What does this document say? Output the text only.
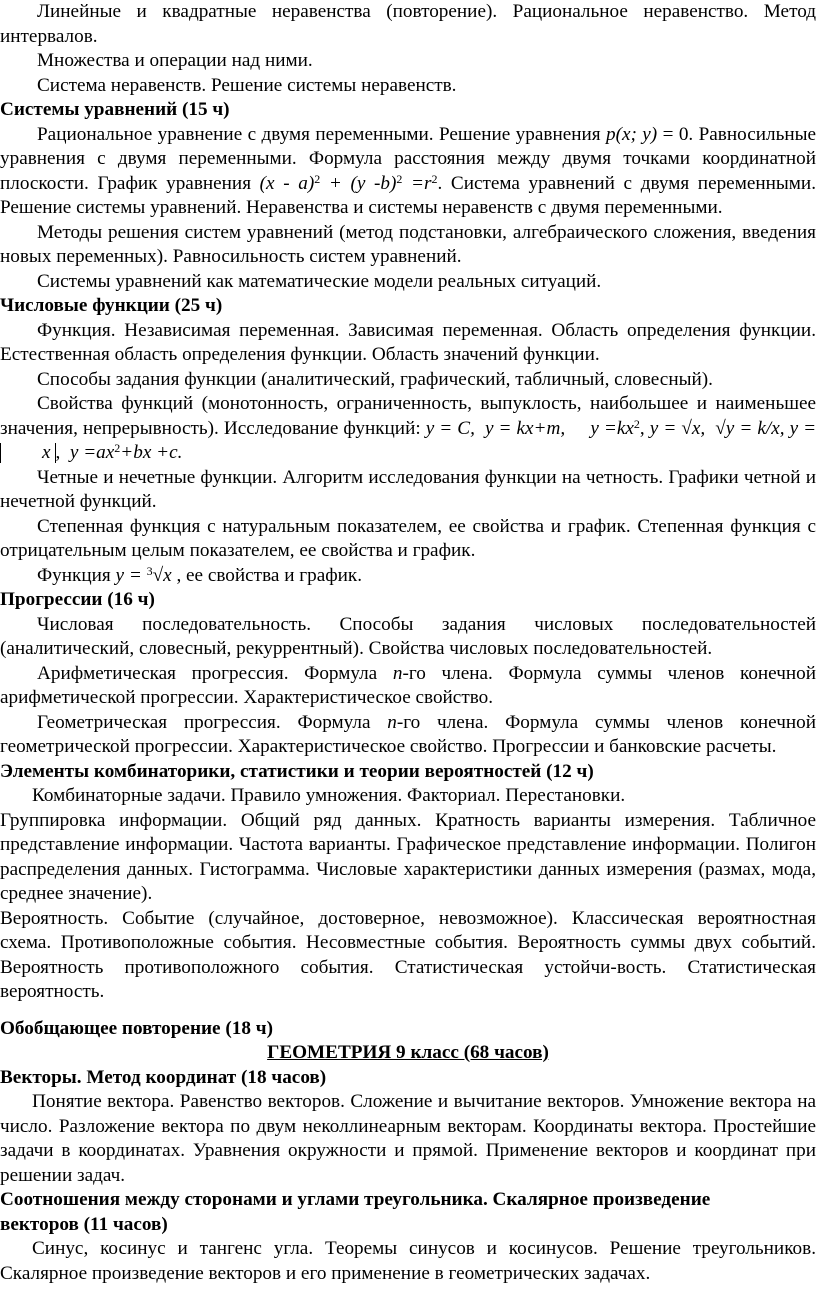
Линейные и квадратные неравенства (повторение). Рациональное неравенство. Метод интервалов.

Множества и операции над ними.

Система неравенств. Решение системы неравенств.

Системы уравнений (15 ч)

Рациональное уравнение с двумя переменными. Решение уравнения p(x; y) = 0. Равносильные уравнения с двумя переменными. Формула расстояния между двумя точками координатной плоскости. График уравнения (x - a)$^2$ + (y $-b)^2 =r^2$. Система уравнений с двумя переменными. Решение системы уравнений. Неравенства и системы неравенств с двумя переменными.

Методы решения систем уравнений (метод подстановки, алгебраического сложения, введения новых переменных). Равносильность систем уравнений.

Системы уравнений как математические модели реальных ситуаций.

Числовые функции (25 ч)

Функция. Независимая переменная. Зависимая переменная. Область определения функции. Естественная область определения функции. Область значений функции.

Способы задания функции (аналитический, графический, табличный, словесный).

Свойства функций (монотонность, ограниченность, выпуклость, наибольшее и наименьшее значения, непрерывность). Исследование функций: y = C, y = kx+m, $y =kx^2$, y = √x, √y = k/x, y =x ,  $y =ax^2+bx +c$.

Четные и нечетные функции. Алгоритм исследования функции на четность. Графики четной и нечетной функций.

Степенная функция с натуральным показателем, ее свойства и график. Степенная функция с отрицательным целым показателем, ее свойства и график.

Функция y = $^3$√x , ее свойства и график.

Прогрессии (16 ч)

Числовая последовательность. Способы задания числовых последовательностей (аналитический, словесный, рекуррентный). Свойства числовых последовательностей.

Арифметическая прогрессия. Формула n-го члена. Формула суммы членов конечной арифметической прогрессии. Характеристическое свойство.

Геометрическая прогрессия. Формула n-го члена. Формула суммы членов конечной геометрической прогрессии. Характеристическое свойство. Прогрессии и банковские расчеты.

Элементы комбинаторики, статистики и теории вероятностей (12 ч)

Комбинаторные задачи. Правило умножения. Факториал. Перестановки.

Группировка информации. Общий ряд данных. Кратность варианты измерения. Табличное представление информации. Частота варианты. Графическое представление информации. Полигон распределения данных. Гистограмма. Числовые характеристики данных измерения (размах, мода, среднее значение).

Вероятность. Событие (случайное, достоверное, невозможное). Классическая вероятностная схема. Противоположные события. Несовместные события. Вероятность суммы двух событий. Вероятность противоположного события. Статистическая устойчи-вость. Статистическая вероятность.

Обобщающее повторение (18 ч)

ГЕОМЕТРИЯ 9 класс (68 часов)

Векторы. Метод координат (18 часов)

Понятие вектора. Равенство векторов. Сложение и вычитание векторов. Умножение вектора на число. Разложение вектора по двум неколлинеарным векторам. Координаты вектора. Простейшие задачи в координатах. Уравнения окружности и прямой. Применение векторов и координат при решении задач.

Соотношения между сторонами и углами треугольника. Скалярное произведение

векторов (11 часов)

Синус, косинус и тангенс угла. Теоремы синусов и косинусов. Решение треугольников. Скалярное произведение векторов и его применение в геометрических задачах.
